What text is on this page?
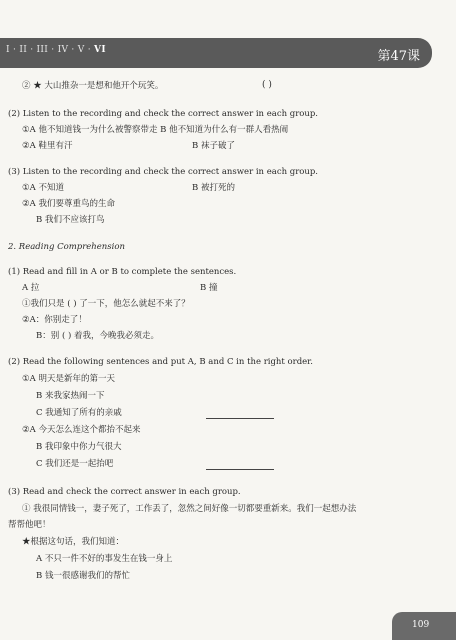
I · II · III · IV · V · VI	第47课
② ★ 大山推杂一是想和他开个玩笑。	( )
(2) Listen to the recording and check the correct answer in each group.
①A 他不知道钱一为什么被警察带走 B 他不知道为什么有一群人看热闹
②A 鞋里有汗	B 袜子破了
(3) Listen to the recording and check the correct answer in each group.
①A 不知道	B 被打死的
②A 我们要尊重鸟的生命
B 我们不应该打鸟
2. Reading Comprehension
(1) Read and fill in A or B to complete the sentences.
A 拉	B 撞
①我们只是 ( ) 了一下，他怎么就起不来了？
②A：你别走了！
B：别 ( ) 着我，今晚我必须走。
(2) Read the following sentences and put A, B and C in the right order.
①A 明天是新年的第一天
B 来我家热闹一下
C 我通知了所有的亲戚
②A 今天怎么连这个都抬不起来
B 我印象中你力气很大
C 我们还是一起抬吧
(3) Read and check the correct answer in each group.
① 我很同情钱一，妻子死了，工作丢了，忽然之间好像一切都要重新来。我们一起想办法
帮帮他吧！
★根据这句话，我们知道：
A 不只一件不好的事发生在钱一身上
B 钱一很感谢我们的帮忙
109
